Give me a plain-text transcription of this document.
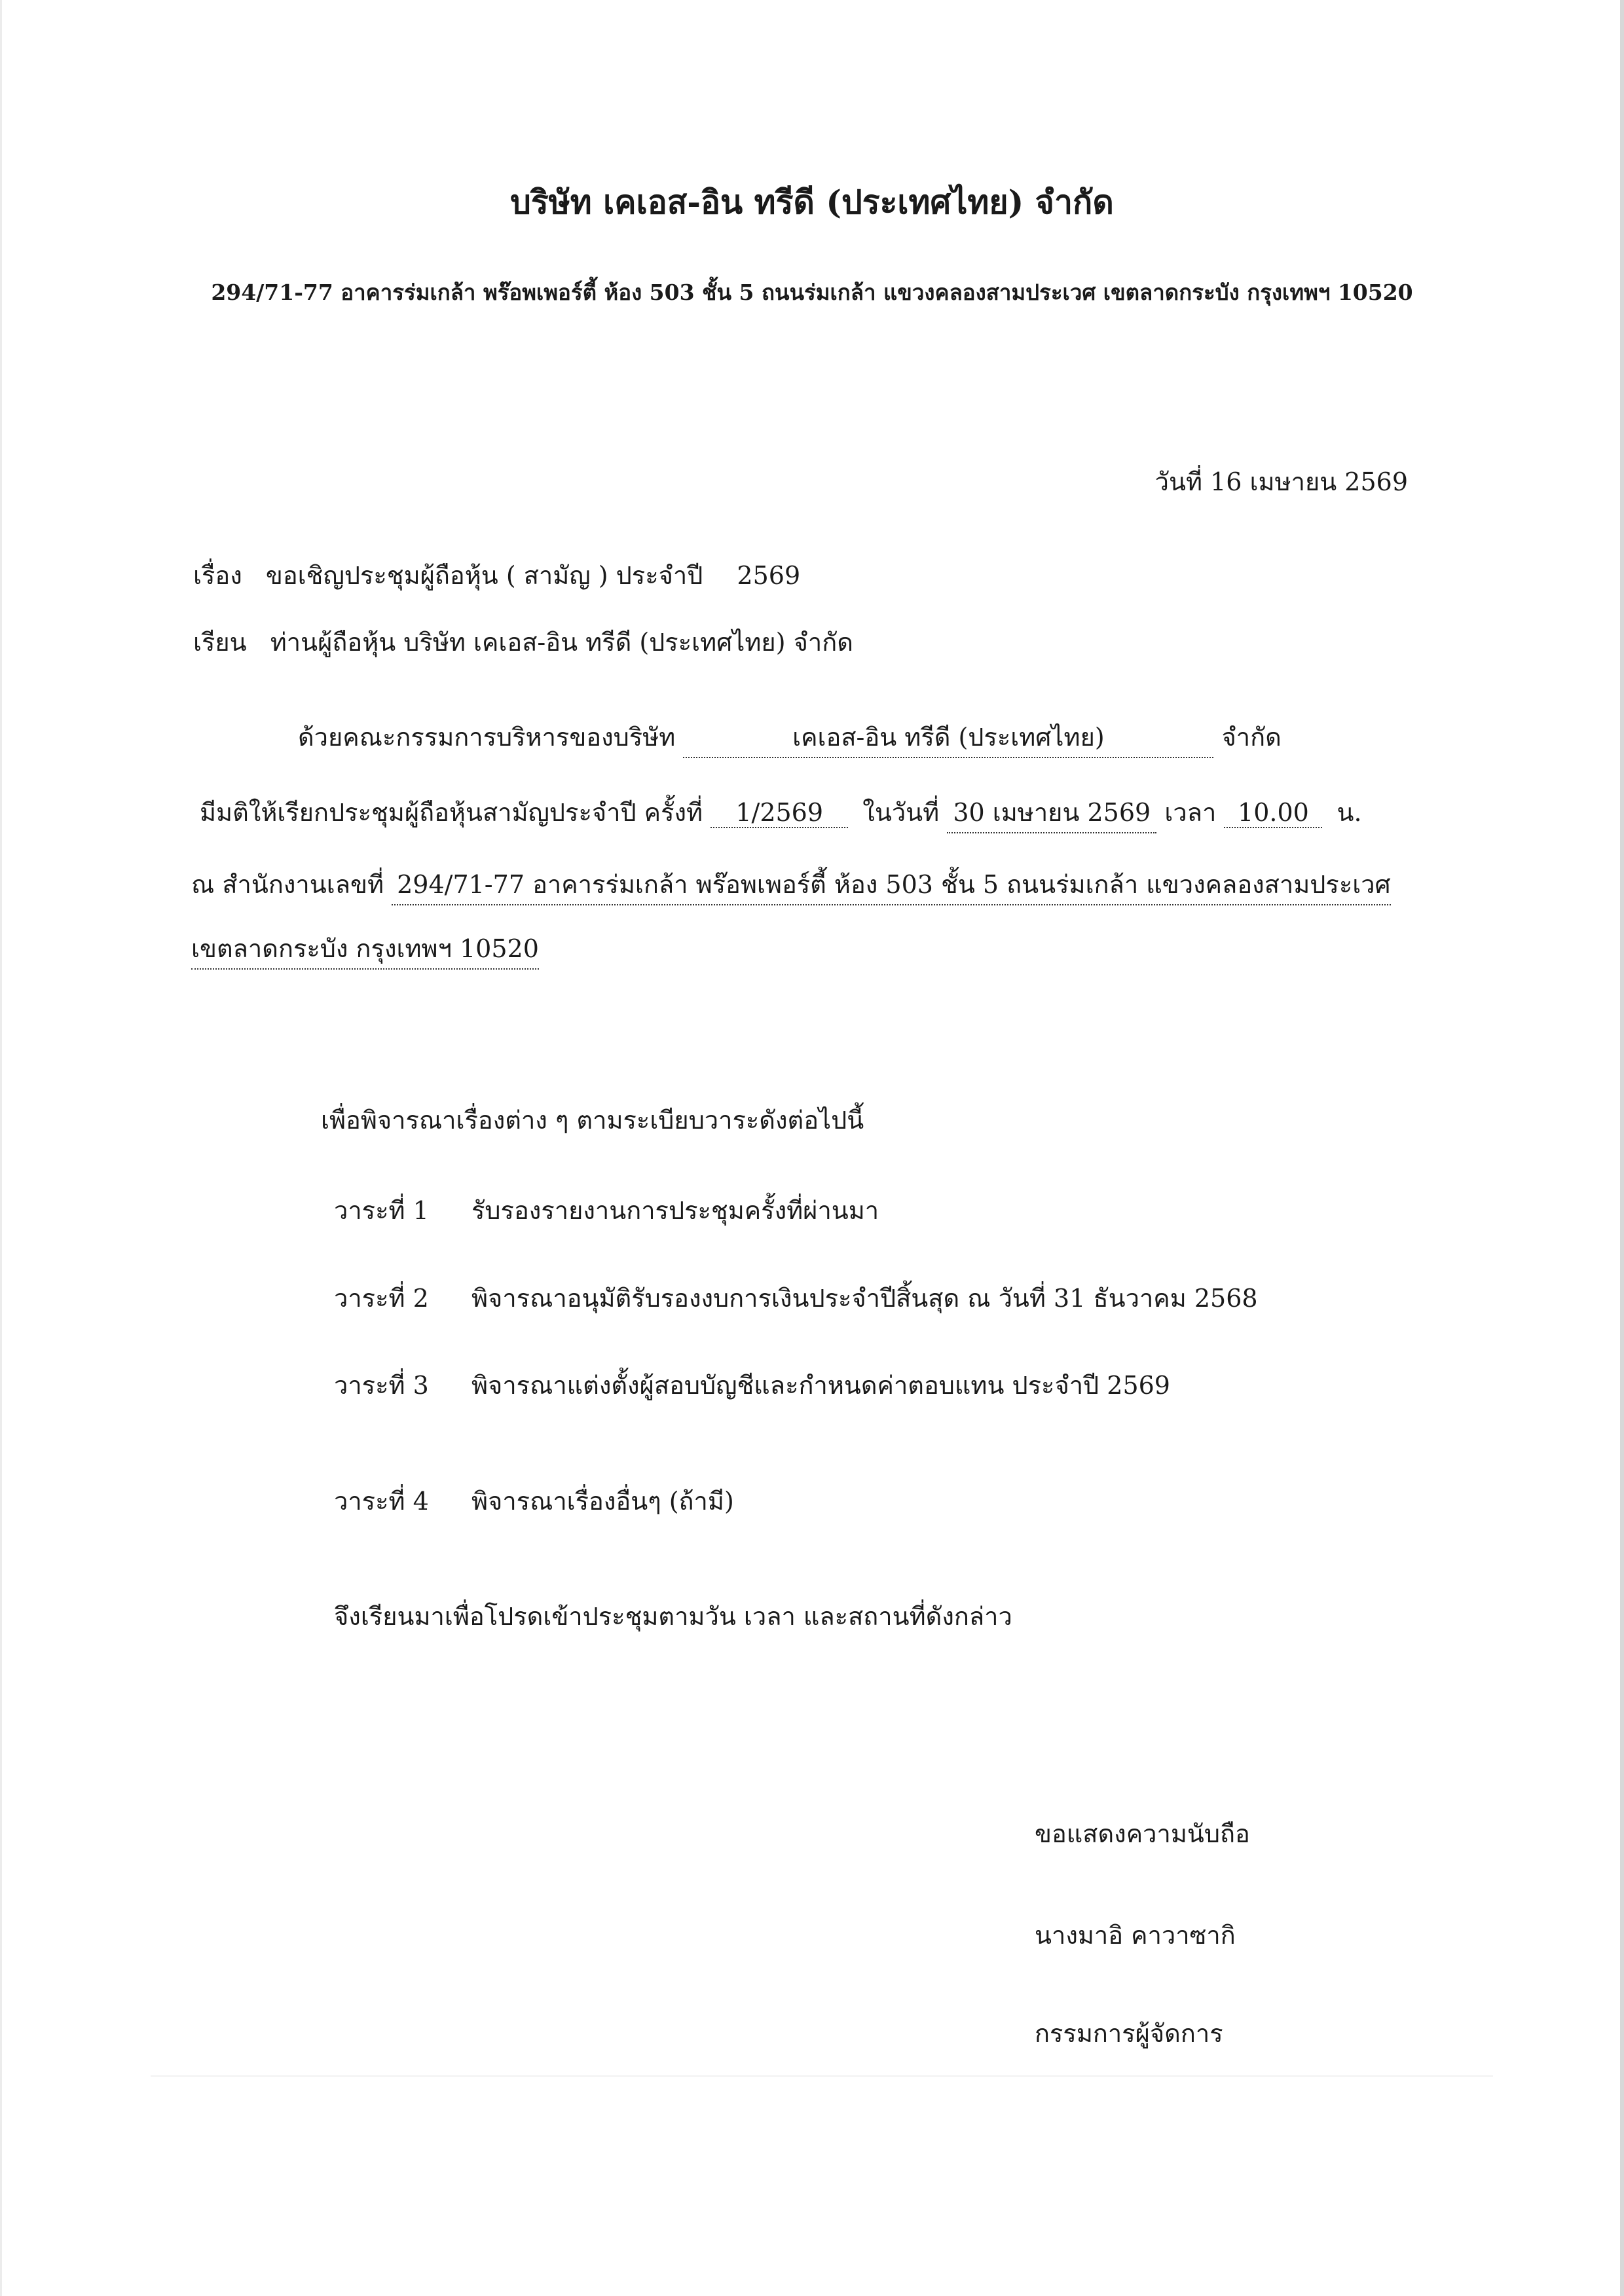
บริษัท เคเอส-อิน ทรีดี (ประเทศไทย) จำกัด
294/71-77 อาคารร่มเกล้า พร๊อพเพอร์ตี้ ห้อง 503 ชั้น 5 ถนนร่มเกล้า แขวงคลองสามประเวศ เขตลาดกระบัง กรุงเทพฯ 10520
วันที่ 16 เมษายน 2569
เรื่อง ขอเชิญประชุมผู้ถือหุ้น ( สามัญ ) ประจำปี 2569
เรียน ท่านผู้ถือหุ้น บริษัท เคเอส-อิน ทรีดี (ประเทศไทย) จำกัด
ด้วยคณะกรรมการบริหารของบริษัท	เคเอส-อิน ทรีดี (ประเทศไทย)	จำกัด
มีมติให้เรียกประชุมผู้ถือหุ้นสามัญประจำปี ครั้งที่ 1/2569 ในวันที่ 30 เมษายน 2569 เวลา 10.00 น.
ณ สำนักงานเลขที่ 294/71-77 อาคารร่มเกล้า พร๊อพเพอร์ตี้ ห้อง 503 ชั้น 5 ถนนร่มเกล้า แขวงคลองสามประเวศ
เขตลาดกระบัง กรุงเทพฯ 10520
เพื่อพิจารณาเรื่องต่าง ๆ ตามระเบียบวาระดังต่อไปนี้
วาระที่ 1 รับรองรายงานการประชุมครั้งที่ผ่านมา
วาระที่ 2 พิจารณาอนุมัติรับรองงบการเงินประจำปีสิ้นสุด ณ วันที่ 31 ธันวาคม 2568
วาระที่ 3 พิจารณาแต่งตั้งผู้สอบบัญชีและกำหนดค่าตอบแทน ประจำปี 2569
วาระที่ 4 พิจารณาเรื่องอื่นๆ (ถ้ามี)
จึงเรียนมาเพื่อโปรดเข้าประชุมตามวัน เวลา และสถานที่ดังกล่าว
ขอแสดงความนับถือ
นางมาอิ คาวาซากิ
กรรมการผู้จัดการ
